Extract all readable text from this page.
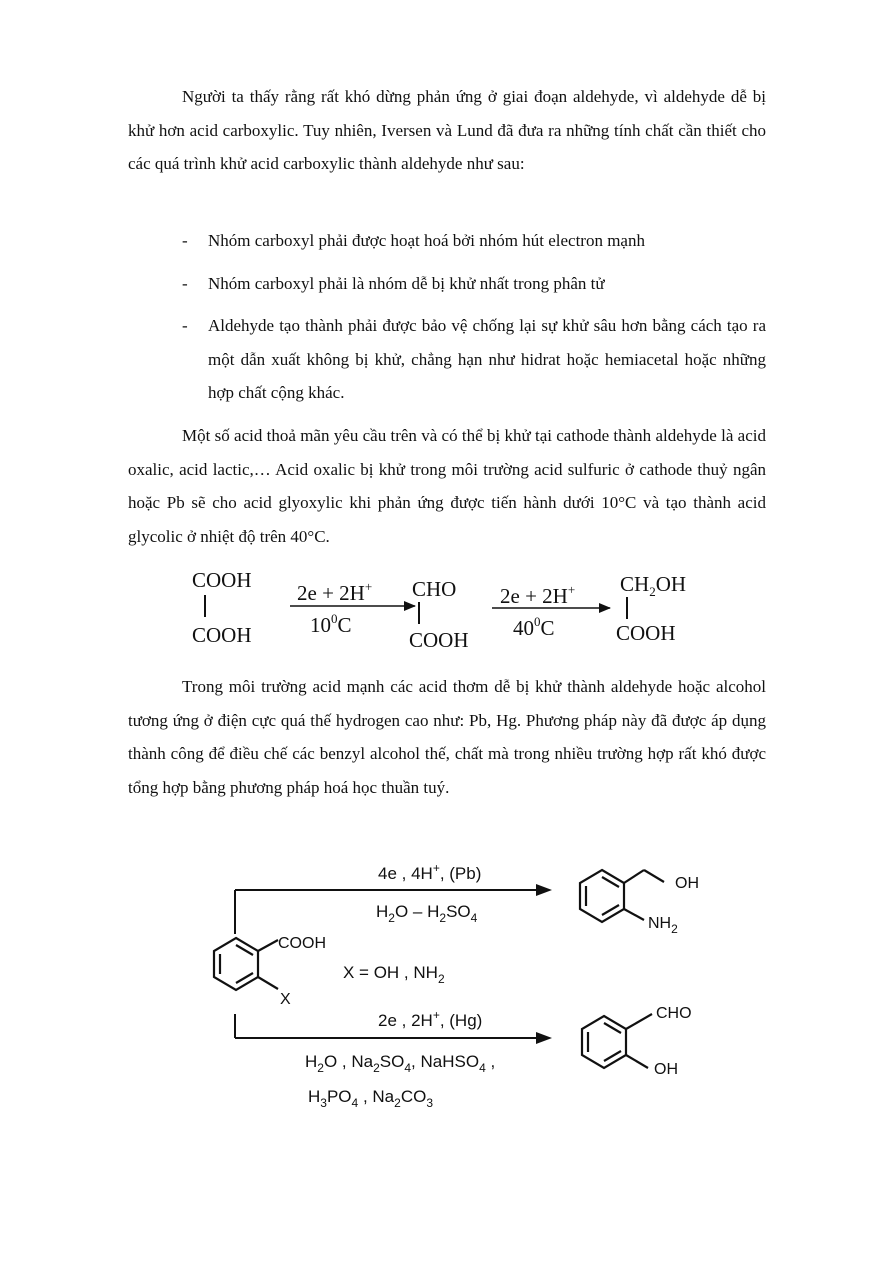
Người ta thấy rằng rất khó dừng phản ứng ở giai đoạn aldehyde, vì aldehyde dễ bị khử hơn acid carboxylic. Tuy nhiên, Iversen và Lund đã đưa ra những tính chất cần thiết cho các quá trình khử acid carboxylic thành aldehyde như sau:

- Nhóm carboxyl phải được hoạt hoá bởi nhóm hút electron mạnh
- Nhóm carboxyl phải là nhóm dễ bị khử nhất trong phân tử
- Aldehyde tạo thành phải được bảo vệ chống lại sự khử sâu hơn bằng cách tạo ra một dẫn xuất không bị khử, chẳng hạn như hidrat hoặc hemiacetal hoặc những hợp chất cộng khác.

Một số acid thoả mãn yêu cầu trên và có thể bị khử tại cathode thành aldehyde là acid oxalic, acid lactic,… Acid oxalic bị khử trong môi trường acid sulfuric ở cathode thuỷ ngân hoặc Pb sẽ cho acid glyoxylic khi phản ứng được tiến hành dưới 10°C và tạo thành acid glycolic ở nhiệt độ trên 40°C.

COOH
COOH
2e + 2H+
$10^0C$
CHO
COOH
2e + 2H+
$40^0C$
$CH_2OH$
COOH

Trong môi trường acid mạnh các acid thơm dễ bị khử thành aldehyde hoặc alcohol tương ứng ở điện cực quá thế hydrogen cao như: Pb, Hg. Phương pháp này đã được áp dụng thành công để điều chế các benzyl alcohol thế, chất mà trong nhiều trường hợp rất khó được tổng hợp bằng phương pháp hoá học thuần tuý.

COOH
X
X = OH , $NH_2$
4e , 4H+, (Pb)
$H_2O - H_2SO_4$
OH
$NH_2$
2e , 2H+, (Hg)
$H_2O$ , $Na_2SO_4$, NaHSO$_4$ ,
$H_3PO_4$ , $Na_2CO_3$
CHO
OH
